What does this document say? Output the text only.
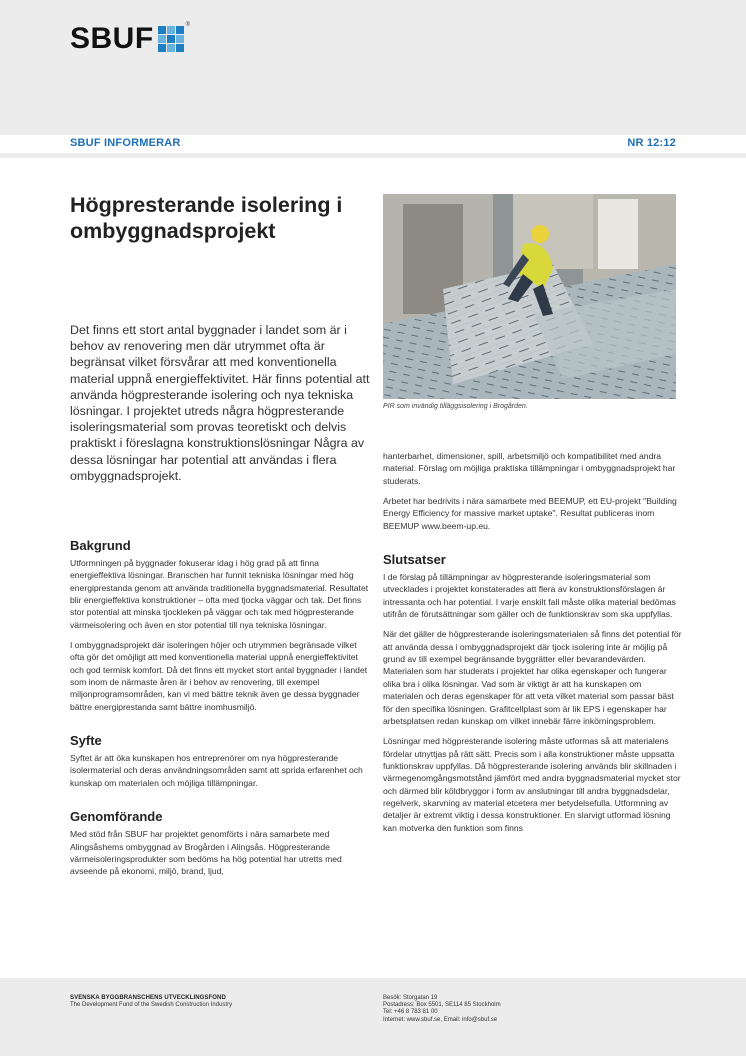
SBUF	®
SBUF INFORMERAR	NR 12:12
Högpresterande isolering i ombyggnadsprojekt

Det finns ett stort antal byggnader i landet som är i behov av renovering men där utrymmet ofta är begränsat vilket försvårar att med konventionella material uppnå energieffektivitet. Här finns potential att använda högpresterande isolering och nya tekniska lösningar. I projektet utreds några högpresterande isoleringsmaterial som provas teoretiskt och delvis praktiskt i föreslagna konstruktionslösningar Några av dessa lösningar har potential att användas i flera ombyggnadsprojekt.

PIR som invändig tilläggsisolering i Brogården.

Bakgrund

Utformningen på byggnader fokuserar idag i hög grad på att finna energieffektiva lösningar. Branschen har funnit tekniska lösningar med hög energiprestanda genom att använda traditionella byggnadsmaterial. Resultatet blir energieffektiva konstruktioner – ofta med tjocka väggar och tak. Det finns stor potential att minska tjockleken på väggar och tak med högpresterande värmeisolering och även en stor potential till nya tekniska lösningar.

I ombyggnadsprojekt där isoleringen höjer och utrymmen begränsade vilket ofta gör det omöjligt att med konventionella material uppnå energieffektivitet och god termisk komfort. Då det finns ett mycket stort antal byggnader i landet som inom de närmaste åren är i behov av renovering, till exempel miljonprogramsområden, kan vi med bättre teknik även ge dessa byggnader bättre energiprestanda samt bättre inomhusmiljö.

Syfte

Syftet är att öka kunskapen hos entreprenörer om nya högpresterande isolermaterial och deras användningsområden samt att sprida erfarenhet och kunskap om materialen och möjliga tillämpningar.

Genomförande

Med stöd från SBUF har projektet genomförts i nära samarbete med Alingsåshems ombyggnad av Brogården i Alingsås. Högpresterande värmeisoleringsprodukter som bedöms ha hög potential har utretts med avseende på ekonomi, miljö, brand, ljud,

hanterbarhet, dimensioner, spill, arbetsmiljö och kompatibilitet med andra material. Förslag om möjliga praktiska tillämpningar i ombyggnadsprojekt har studerats.

Arbetet har bedrivits i nära samarbete med BEEMUP, ett EU-projekt "Building Energy Efficiency for massive market uptake". Resultat publiceras inom BEEMUP www.beem-up.eu.

Slutsatser

I de förslag på tillämpningar av högpresterande isoleringsmaterial som utvecklades i projektet konstaterades att flera av konstruktionsförslagen är intressanta och har potential. I varje enskilt fall måste olika material bedömas utifrån de förutsättningar som gäller och de funktionskrav som ska uppfyllas.

När det gäller de högpresterande isoleringsmaterialen så finns det potential för att använda dessa i ombyggnadsprojekt där tjock isolering inte är möjlig på grund av till exempel begränsande byggrätter eller bevarandevärden. Materialen som har studerats i projektet har olika egenskaper och fungerar olika bra i olika lösningar. Vad som är viktigt är att ha kunskapen om materialen och deras egenskaper för att veta vilket material som passar bäst för den specifika lösningen. Grafitcellplast som är lik EPS i egenskaper har arbetsplatsen redan kunskap om vilket innebär färre inkörningsproblem.

Lösningar med högpresterande isolering måste utformas så att materialens fördelar utnyttjas på rätt sätt. Precis som i alla konstruktioner måste uppsatta funktionskrav uppfyllas. Då högpresterande isolering används blir skillnaden i värmegenomgångsmotstånd jämfört med andra byggnadsmaterial mycket stor och därmed blir köldbryggor i form av anslutningar till andra byggnadsdelar, regelverk, skarvning av material etcetera mer betydelsefulla. Utformning av detaljer är extremt viktig i dessa konstruktioner. En slarvigt utformad lösning kan motverka den funktion som finns

SVENSKA BYGGBRANSCHENS UTVECKLINGSFOND
The Development Fund of the Swedish Construction Industry
Besök: Storgatan 19
Postadress: Box 5501, SE114 85 Stockholm
Tel: +46 8 783 81 00
Internet: www.sbuf.se, Email: info@sbuf.se
